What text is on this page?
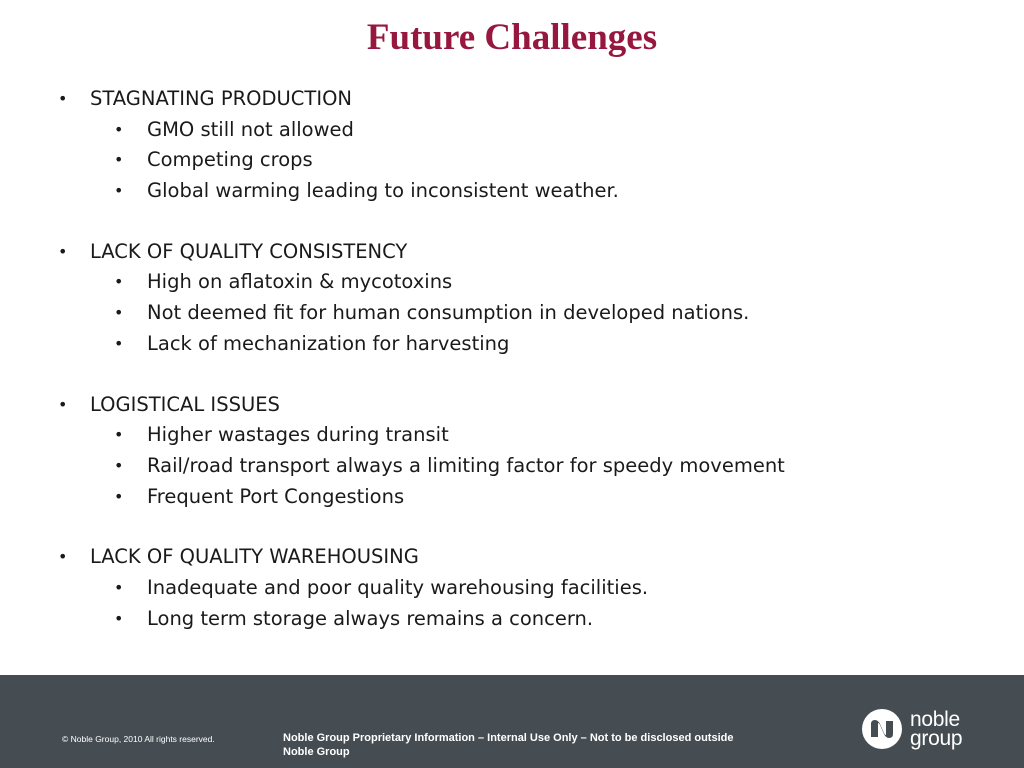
Future Challenges
• STAGNATING PRODUCTION
• GMO still not allowed
• Competing crops
• Global warming leading to inconsistent weather.
• LACK OF QUALITY CONSISTENCY
• High on aflatoxin & mycotoxins
• Not deemed fit for human consumption in developed nations.
• Lack of mechanization for harvesting
• LOGISTICAL ISSUES
• Higher wastages during transit
• Rail/road transport always a limiting factor for speedy movement
• Frequent Port Congestions
• LACK OF QUALITY WAREHOUSING
• Inadequate and poor quality warehousing facilities.
• Long term storage always remains a concern.
© Noble Group, 2010 All rights reserved.	Noble Group Proprietary Information – Internal Use Only – Not to be disclosed outside Noble Group
noble
group
